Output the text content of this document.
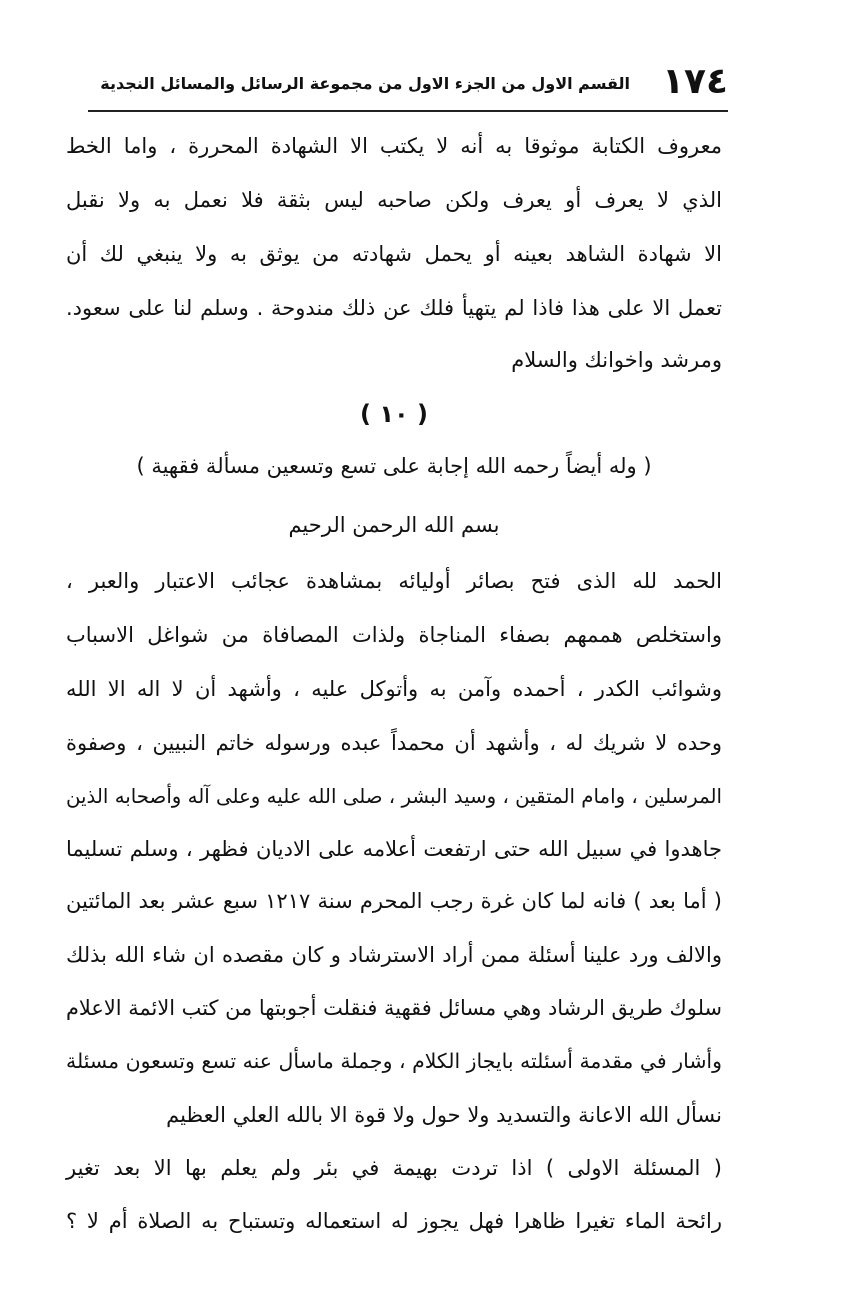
١٧٤
القسم الاول من الجزء الاول من مجموعة الرسائل والمسائل النجدية
معروف الكتابة موثوقا به أنه لا يكتب الا الشهادة المحررة ، واما الخط
الذي لا يعرف أو يعرف ولكن صاحبه ليس بثقة فلا نعمل به ولا نقبل
الا شهادة الشاهد بعينه أو يحمل شهادته من يوثق به ولا ينبغي لك أن
تعمل الا على هذا فاذا لم يتهيأ فلك عن ذلك مندوحة . وسلم لنا على سعود.
ومرشد واخوانك والسلام
( ١٠ )
( وله أيضاً رحمه الله إجابة على تسع وتسعين مسألة فقهية )
بسم الله الرحمن الرحيم
الحمد لله الذى فتح بصائر أوليائه بمشاهدة عجائب الاعتبار والعبر ،
واستخلص هممهم بصفاء المناجاة ولذات المصافاة من شواغل الاسباب
وشوائب الكدر ، أحمده وآمن به وأتوكل عليه ، وأشهد أن لا اله الا الله
وحده لا شريك له ، وأشهد أن محمداً عبده ورسوله خاتم النبيين ، وصفوة
المرسلين ، وامام المتقين ، وسيد البشر ، صلى الله عليه وعلى آله وأصحابه الذين
جاهدوا في سبيل الله حتى ارتفعت أعلامه على الاديان فظهر ، وسلم تسليما
( أما بعد ) فانه لما كان غرة رجب المحرم سنة ١٢١٧ سبع عشر بعد المائتين
والالف ورد علينا أسئلة ممن أراد الاسترشاد و كان مقصده ان شاء الله بذلك
سلوك طريق الرشاد وهي مسائل فقهية فنقلت أجوبتها من كتب الائمة الاعلام
وأشار في مقدمة أسئلته بايجاز الكلام ، وجملة ماسأل عنه تسع وتسعون مسئلة
نسأل الله الاعانة والتسديد ولا حول ولا قوة الا بالله العلي العظيم
( المسئلة الاولى ) اذا تردت بهيمة في بئر ولم يعلم بها الا بعد تغير
رائحة الماء تغيرا ظاهرا فهل يجوز له استعماله وتستباح به الصلاة أم لا ؟
